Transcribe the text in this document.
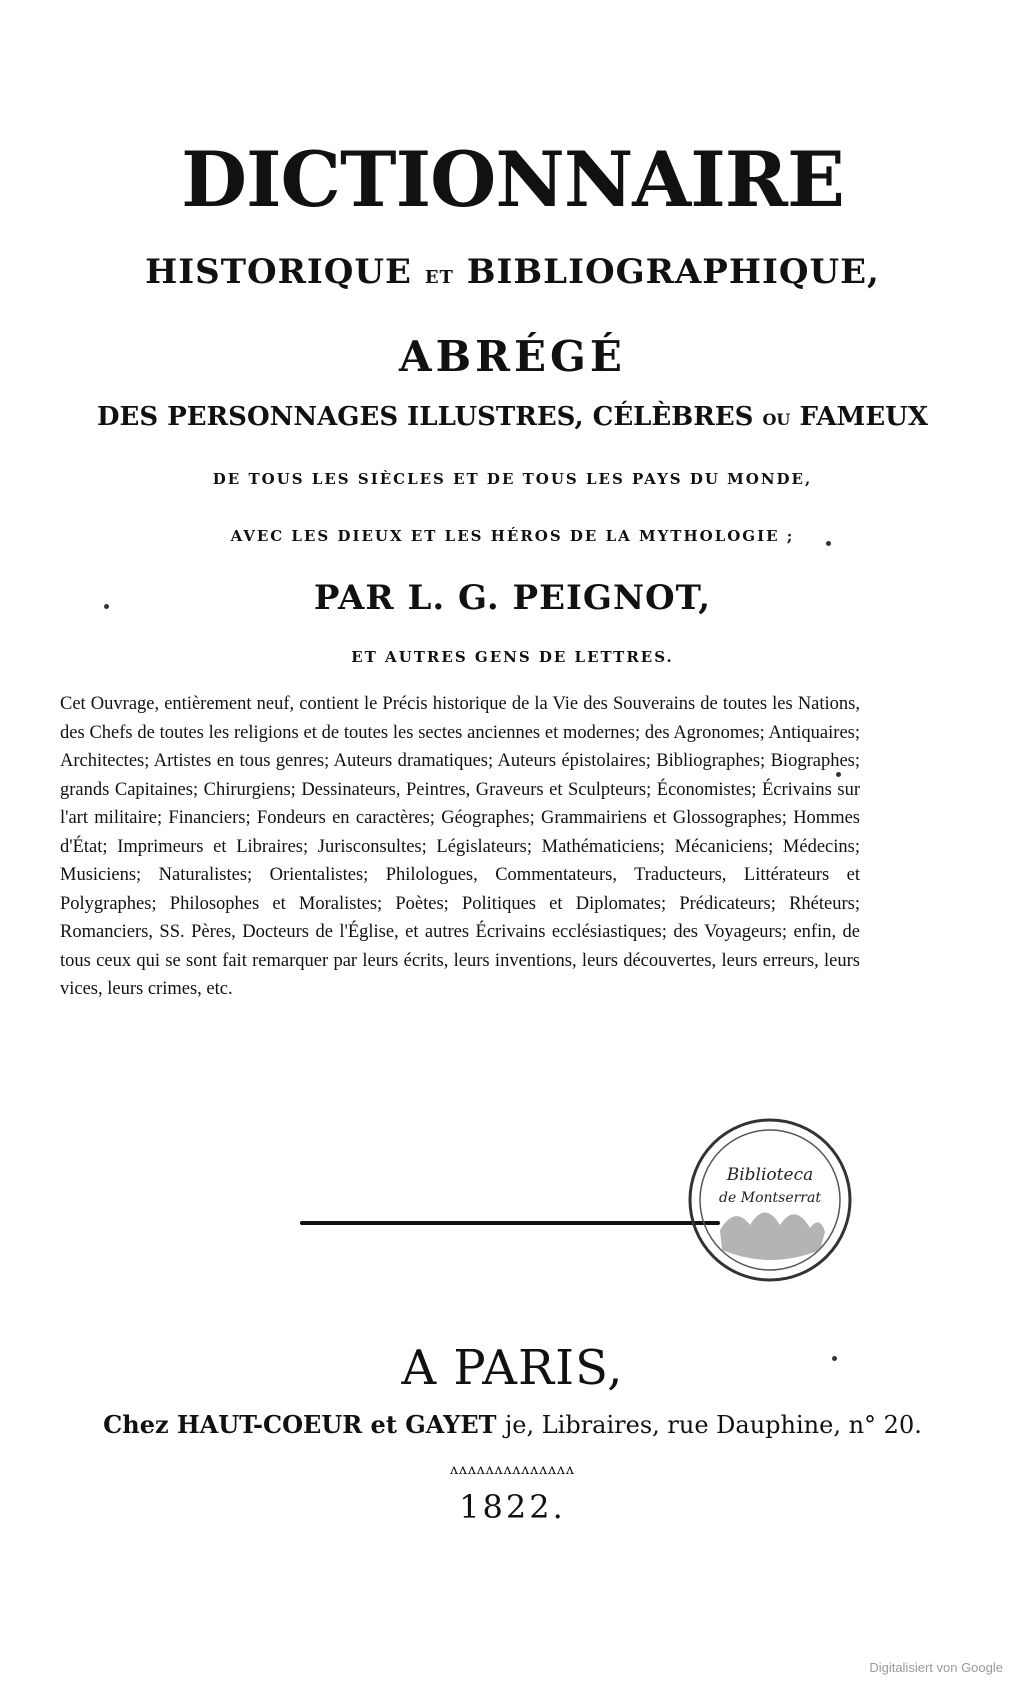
DICTIONNAIRE
HISTORIQUE ET BIBLIOGRAPHIQUE,
ABRÉGÉ
DES PERSONNAGES ILLUSTRES, CÉLÈBRES OU FAMEUX
DE TOUS LES SIÈCLES ET DE TOUS LES PAYS DU MONDE,
AVEC LES DIEUX ET LES HÉROS DE LA MYTHOLOGIE ;
PAR L. G. PEIGNOT,
ET AUTRES GENS DE LETTRES.
Cet Ouvrage, entièrement neuf, contient le Précis historique de la Vie des Souverains de toutes les Nations, des Chefs de toutes les religions et de toutes les sectes anciennes et modernes; des Agronomes; Antiquaires; Architectes; Artistes en tous genres; Auteurs dramatiques; Auteurs épistolaires; Bibliographes; Biographes; grands Capitaines; Chirurgiens; Dessinateurs, Peintres, Graveurs et Sculpteurs; Économistes; Écrivains sur l'art militaire; Financiers; Fondeurs en caractères; Géographes; Grammairiens et Glossographes; Hommes d'État; Imprimeurs et Libraires; Jurisconsultes; Législateurs; Mathématiciens; Mécaniciens; Médecins; Musiciens; Naturalistes; Orientalistes; Philologues, Commentateurs, Traducteurs, Littérateurs et Polygraphes; Philosophes et Moralistes; Poètes; Politiques et Diplomates; Prédicateurs; Rhéteurs; Romanciers, SS. Pères, Docteurs de l'Église, et autres Écrivains ecclésiastiques; des Voyageurs; enfin, de tous ceux qui se sont fait remarquer par leurs écrits, leurs inventions, leurs découvertes, leurs erreurs, leurs vices, leurs crimes, etc.
Biblioteca
de Montserrat
A PARIS,
Chez HAUT-COEUR et GAYET je, Libraires, rue Dauphine, n° 20.
ʌʌʌʌʌʌʌʌʌʌʌʌʌʌ
1822.
Digitalisiert von Google
